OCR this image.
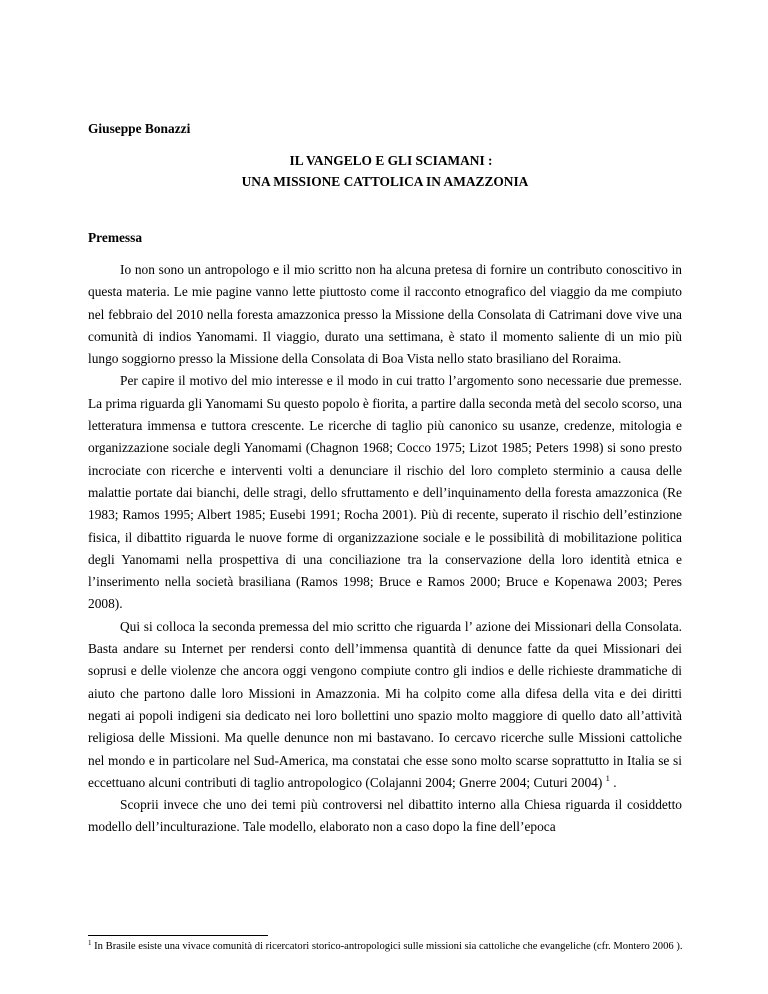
Giuseppe Bonazzi
IL VANGELO E GLI SCIAMANI :
UNA MISSIONE CATTOLICA IN AMAZZONIA
Premessa

Io non sono un antropologo e il mio scritto non ha alcuna pretesa di fornire un contributo conoscitivo in questa materia. Le mie pagine vanno lette piuttosto come il racconto etnografico del viaggio da me compiuto nel febbraio del 2010 nella foresta amazzonica presso la Missione della Consolata di Catrimani dove vive una comunità di indios Yanomami. Il viaggio, durato una settimana, è stato il momento saliente di un mio più lungo soggiorno presso la Missione della Consolata di Boa Vista nello stato brasiliano del Roraima.

Per capire il motivo del mio interesse e il modo in cui tratto l’argomento sono necessarie due premesse. La prima riguarda gli Yanomami Su questo popolo è fiorita, a partire dalla seconda metà del secolo scorso, una letteratura immensa e tuttora crescente. Le ricerche di taglio più canonico su usanze, credenze, mitologia e organizzazione sociale degli Yanomami (Chagnon 1968; Cocco 1975; Lizot 1985; Peters 1998) si sono presto incrociate con ricerche e interventi volti a denunciare il rischio del loro completo sterminio a causa delle malattie portate dai bianchi, delle stragi, dello sfruttamento e dell’inquinamento della foresta amazzonica (Re 1983; Ramos 1995; Albert 1985; Eusebi 1991; Rocha 2001). Più di recente, superato il rischio dell’estinzione fisica, il dibattito riguarda le nuove forme di organizzazione sociale e le possibilità di mobilitazione politica degli Yanomami nella prospettiva di una conciliazione tra la conservazione della loro identità etnica e l’inserimento nella società brasiliana (Ramos 1998; Bruce e Ramos 2000; Bruce e Kopenawa 2003; Peres 2008).

Qui si colloca la seconda premessa del mio scritto che riguarda l’ azione dei Missionari della Consolata. Basta andare su Internet per rendersi conto dell’immensa quantità di denunce fatte da quei Missionari dei soprusi e delle violenze che ancora oggi vengono compiute contro gli indios e delle richieste drammatiche di aiuto che partono dalle loro Missioni in Amazzonia. Mi ha colpito come alla difesa della vita e dei diritti negati ai popoli indigeni sia dedicato nei loro bollettini uno spazio molto maggiore di quello dato all’attività religiosa delle Missioni. Ma quelle denunce non mi bastavano. Io cercavo ricerche sulle Missioni cattoliche nel mondo e in particolare nel Sud-America, ma constatai che esse sono molto scarse soprattutto in Italia se si eccettuano alcuni contributi di taglio antropologico (Colajanni 2004; Gnerre 2004; Cuturi 2004) $^1$ .

Scoprii invece che uno dei temi più controversi nel dibattito interno alla Chiesa riguarda il cosiddetto modello dell’inculturazione. Tale modello, elaborato non a caso dopo la fine dell’epoca

$^1$ In Brasile esiste una vivace comunità di ricercatori storico-antropologici sulle missioni sia cattoliche che evangeliche (cfr. Montero 2006 ).
